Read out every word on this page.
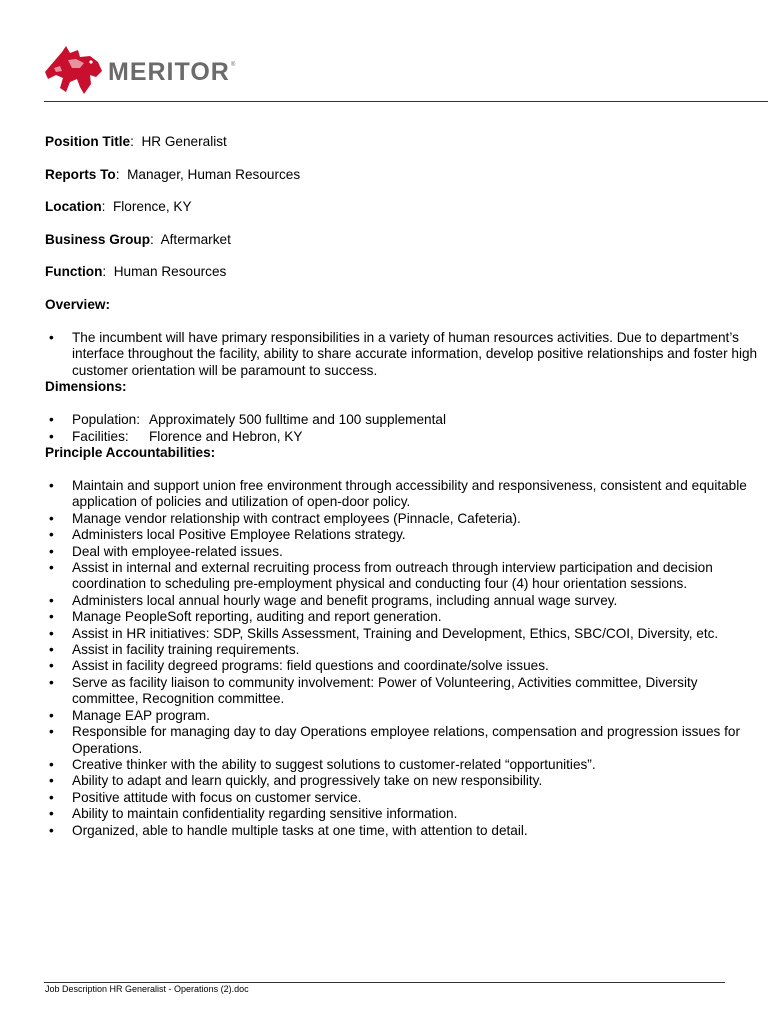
MERITOR ®
Position Title:  HR Generalist
Reports To:  Manager, Human Resources
Location:  Florence, KY
Business Group:  Aftermarket
Function:  Human Resources
Overview:
• The incumbent will have primary responsibilities in a variety of human resources activities. Due to department’s interface throughout the facility, ability to share accurate information, develop positive relationships and foster high customer orientation will be paramount to success.
Dimensions:
• Population: Approximately 500 fulltime and 100 supplemental
• Facilities: Florence and Hebron, KY
Principle Accountabilities:
• Maintain and support union free environment through accessibility and responsiveness, consistent and equitable application of policies and utilization of open-door policy.
• Manage vendor relationship with contract employees (Pinnacle, Cafeteria).
• Administers local Positive Employee Relations strategy.
• Deal with employee-related issues.
• Assist in internal and external recruiting process from outreach through interview participation and decision coordination to scheduling pre-employment physical and conducting four (4) hour orientation sessions.
• Administers local annual hourly wage and benefit programs, including annual wage survey.
• Manage PeopleSoft reporting, auditing and report generation.
• Assist in HR initiatives: SDP, Skills Assessment, Training and Development, Ethics, SBC/COI, Diversity, etc.
• Assist in facility training requirements.
• Assist in facility degreed programs: field questions and coordinate/solve issues.
• Serve as facility liaison to community involvement: Power of Volunteering, Activities committee, Diversity committee, Recognition committee.
• Manage EAP program.
• Responsible for managing day to day Operations employee relations, compensation and progression issues for Operations.
• Creative thinker with the ability to suggest solutions to customer-related “opportunities”.
• Ability to adapt and learn quickly, and progressively take on new responsibility.
• Positive attitude with focus on customer service.
• Ability to maintain confidentiality regarding sensitive information.
• Organized, able to handle multiple tasks at one time, with attention to detail.
Job Description HR Generalist - Operations (2).doc
